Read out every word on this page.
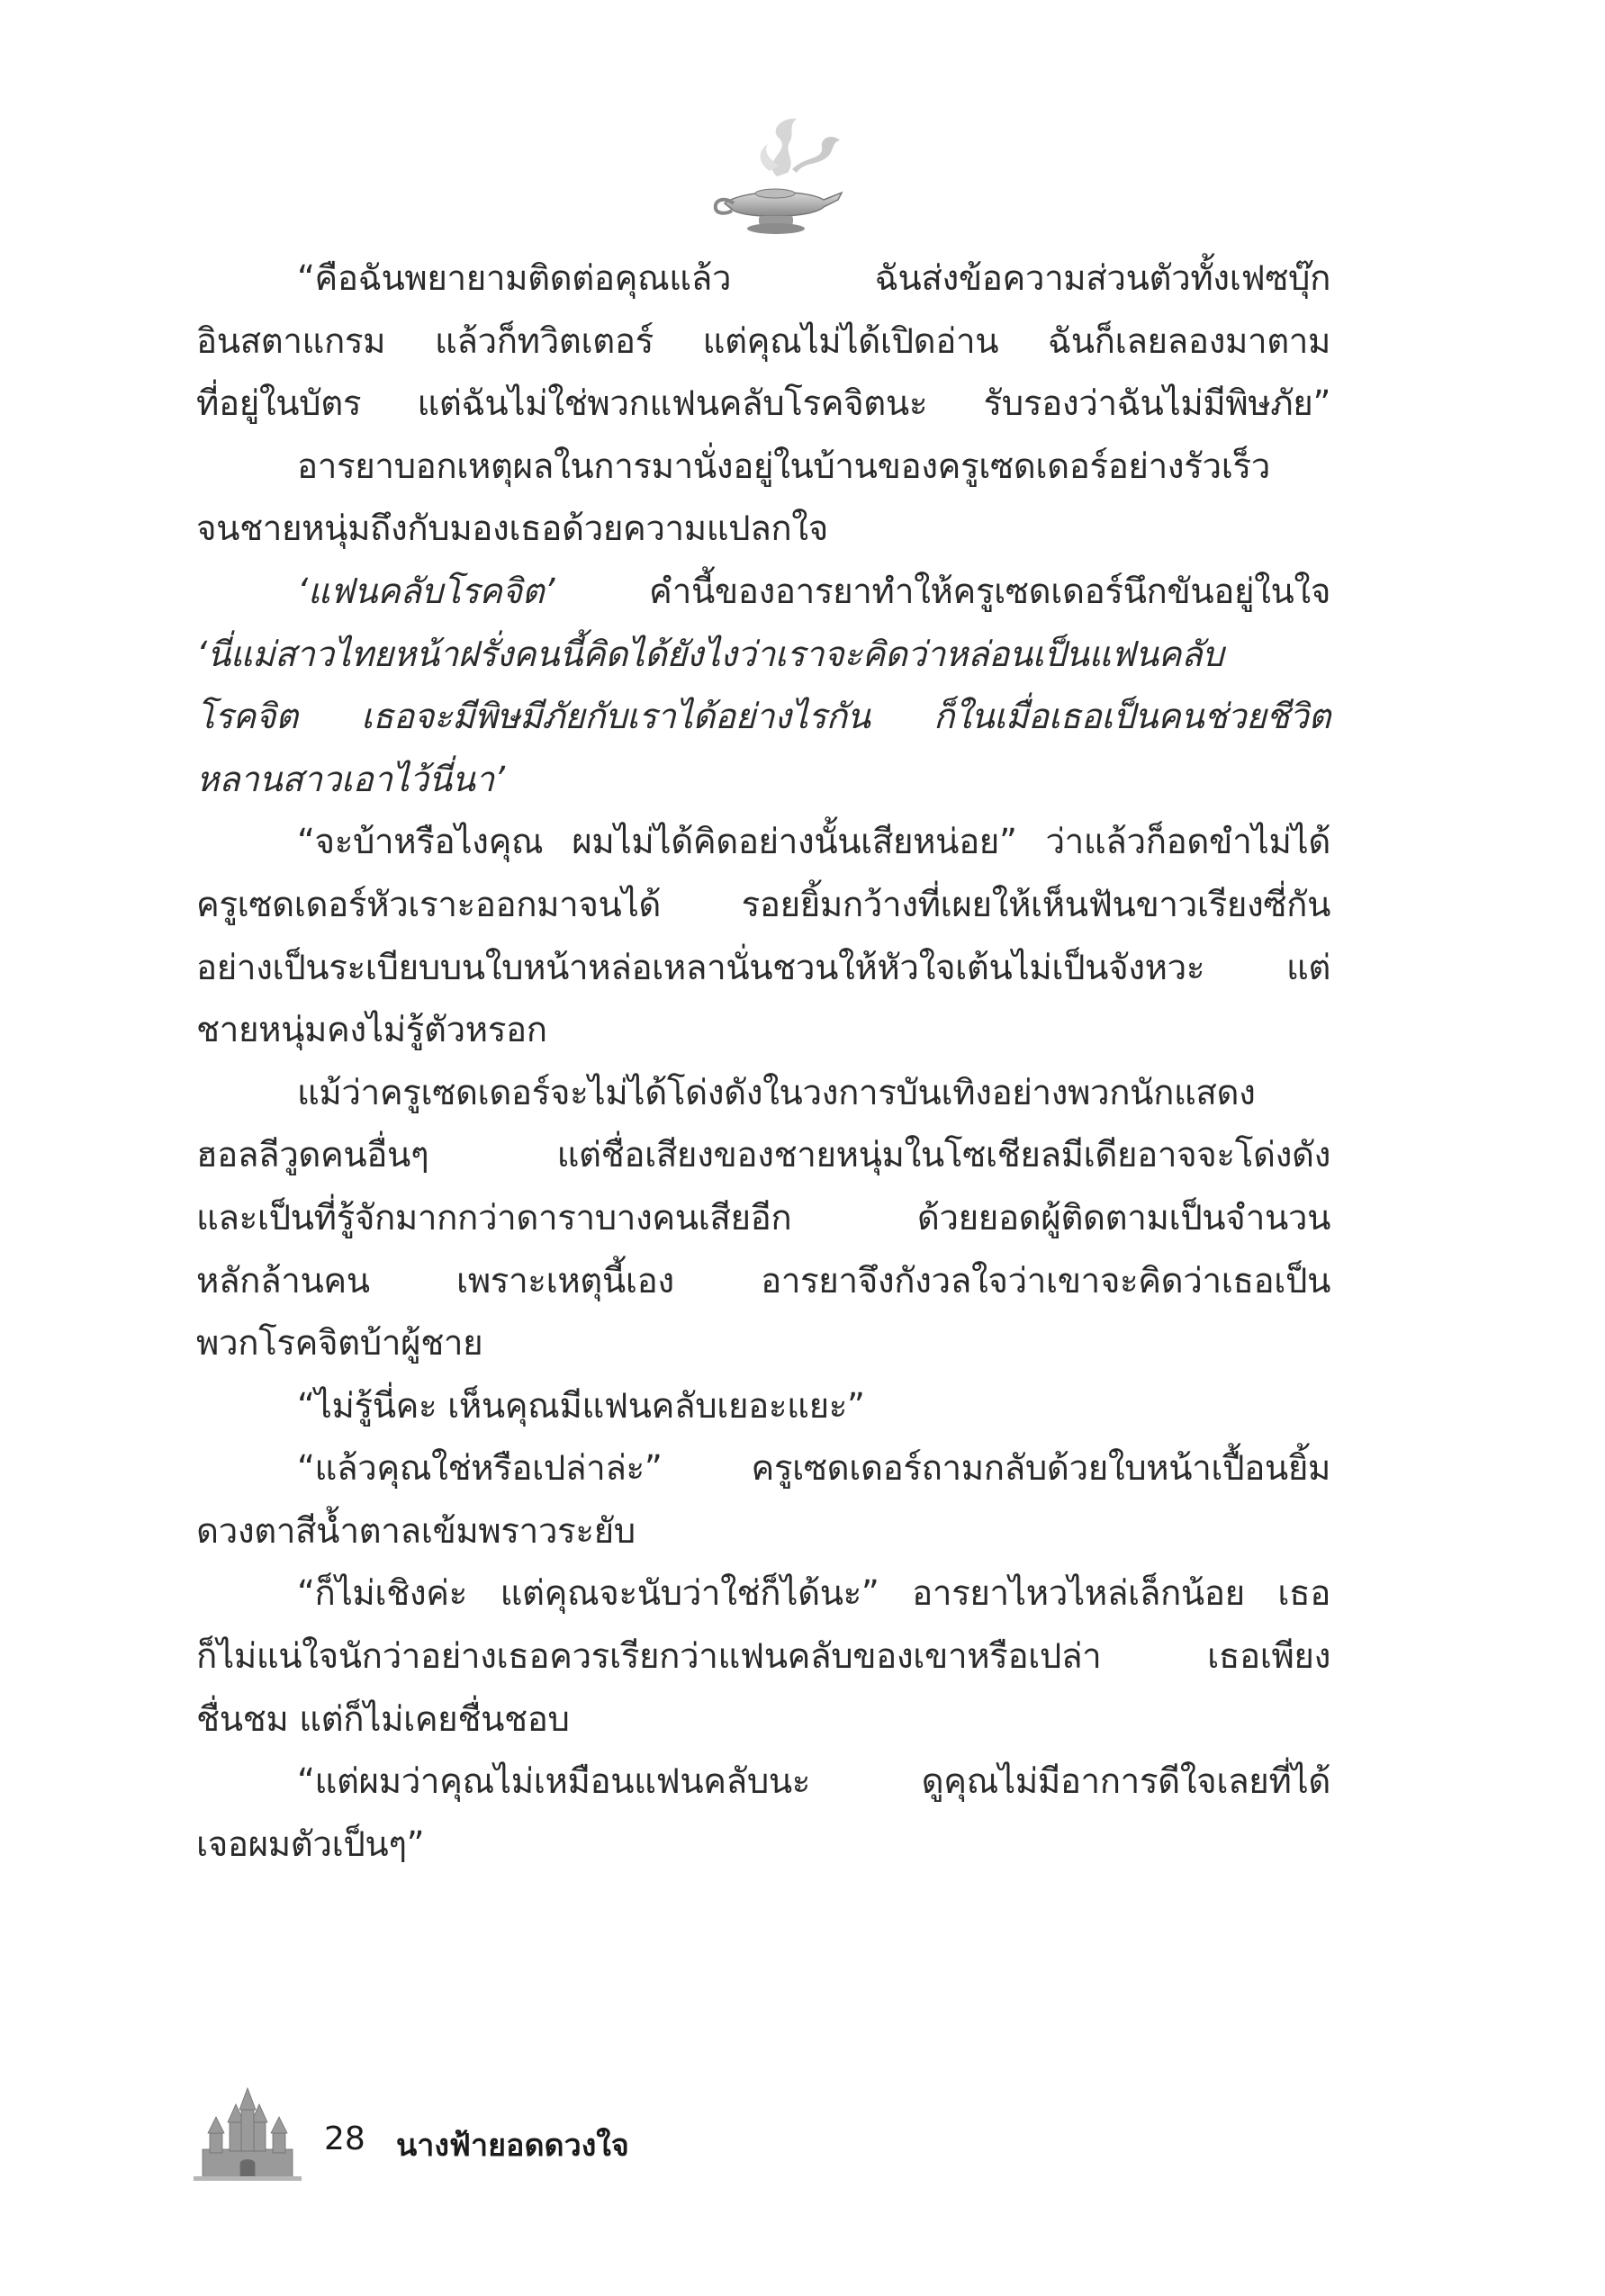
“คือฉันพยายามติดต่อคุณแล้ว ฉันส่งข้อความส่วนตัวทั้งเฟซบุ๊ก
อินสตาแกรม แล้วก็ทวิตเตอร์ แต่คุณไม่ได้เปิดอ่าน ฉันก็เลยลองมาตาม
ที่อยู่ในบัตร แต่ฉันไม่ใช่พวกแฟนคลับโรคจิตนะ รับรองว่าฉันไม่มีพิษภัย”
อารยาบอกเหตุผลในการมานั่งอยู่ในบ้านของครูเซดเดอร์อย่างรัวเร็ว
จนชายหนุ่มถึงกับมองเธอด้วยความแปลกใจ
‘แฟนคลับโรคจิต’ คำนี้ของอารยาทำให้ครูเซดเดอร์นึกขันอยู่ในใจ
‘นี่แม่สาวไทยหน้าฝรั่งคนนี้คิดได้ยังไงว่าเราจะคิดว่าหล่อนเป็นแฟนคลับ
โรคจิต เธอจะมีพิษมีภัยกับเราได้อย่างไรกัน ก็ในเมื่อเธอเป็นคนช่วยชีวิต
หลานสาวเอาไว้นี่นา’
“จะบ้าหรือไงคุณ ผมไม่ได้คิดอย่างนั้นเสียหน่อย” ว่าแล้วก็อดขำไม่ได้
ครูเซดเดอร์หัวเราะออกมาจนได้ รอยยิ้มกว้างที่เผยให้เห็นฟันขาวเรียงซี่กัน
อย่างเป็นระเบียบบนใบหน้าหล่อเหลานั่นชวนให้หัวใจเต้นไม่เป็นจังหวะ แต่
ชายหนุ่มคงไม่รู้ตัวหรอก
แม้ว่าครูเซดเดอร์จะไม่ได้โด่งดังในวงการบันเทิงอย่างพวกนักแสดง
ฮอลลีวูดคนอื่นๆ แต่ชื่อเสียงของชายหนุ่มในโซเชียลมีเดียอาจจะโด่งดัง
และเป็นที่รู้จักมากกว่าดาราบางคนเสียอีก ด้วยยอดผู้ติดตามเป็นจำนวน
หลักล้านคน เพราะเหตุนี้เอง อารยาจึงกังวลใจว่าเขาจะคิดว่าเธอเป็น
พวกโรคจิตบ้าผู้ชาย
“ไม่รู้นี่คะ เห็นคุณมีแฟนคลับเยอะแยะ”
“แล้วคุณใช่หรือเปล่าล่ะ” ครูเซดเดอร์ถามกลับด้วยใบหน้าเปื้อนยิ้ม
ดวงตาสีน้ำตาลเข้มพราวระยับ
“ก็ไม่เชิงค่ะ แต่คุณจะนับว่าใช่ก็ได้นะ” อารยาไหวไหล่เล็กน้อย เธอ
ก็ไม่แน่ใจนักว่าอย่างเธอควรเรียกว่าแฟนคลับของเขาหรือเปล่า เธอเพียง
ชื่นชม แต่ก็ไม่เคยชื่นชอบ
“แต่ผมว่าคุณไม่เหมือนแฟนคลับนะ ดูคุณไม่มีอาการดีใจเลยที่ได้
เจอผมตัวเป็นๆ”
28 นางฟ้ายอดดวงใจ
